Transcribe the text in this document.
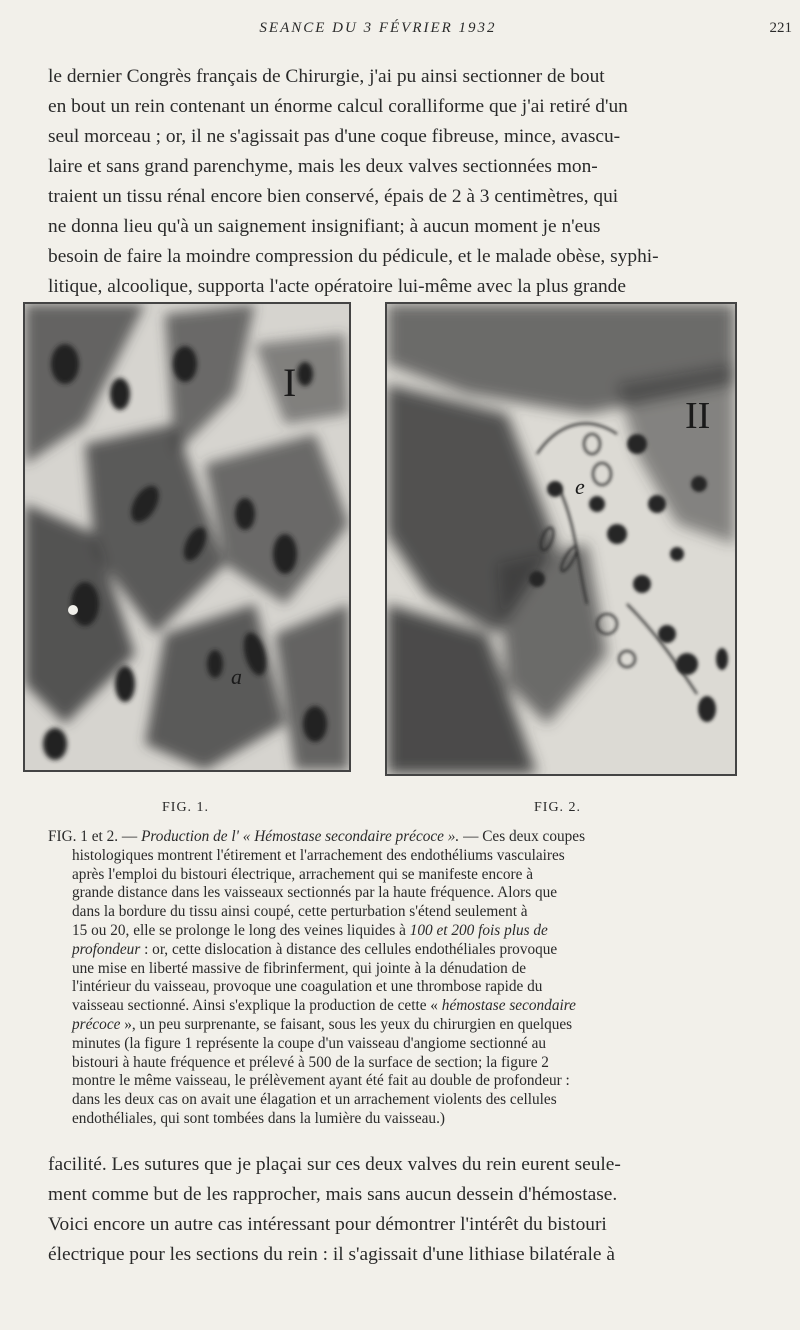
SEANCE DU 3 FÉVRIER 1932	221
le dernier Congrès français de Chirurgie, j'ai pu ainsi sectionner de bout
en bout un rein contenant un énorme calcul coralliforme que j'ai retiré d'un
seul morceau ; or, il ne s'agissait pas d'une coque fibreuse, mince, avascu-
laire et sans grand parenchyme, mais les deux valves sectionnées mon-
traient un tissu rénal encore bien conservé, épais de 2 à 3 centimètres, qui
ne donna lieu qu'à un saignement insignifiant; à aucun moment je n'eus
besoin de faire la moindre compression du pédicule, et le malade obèse, syphi-
litique, alcoolique, supporta l'acte opératoire lui-même avec la plus grande
I
a
II
e
FIG. 1.	FIG. 2.
FIG. 1 et 2. — Production de l' « Hémostase secondaire précoce ». — Ces deux coupes
histologiques montrent l'étirement et l'arrachement des endothéliums vasculaires
après l'emploi du bistouri électrique, arrachement qui se manifeste encore à
grande distance dans les vaisseaux sectionnés par la haute fréquence. Alors que
dans la bordure du tissu ainsi coupé, cette perturbation s'étend seulement à
15 ou 20, elle se prolonge le long des veines liquides à 100 et 200 fois plus de
profondeur : or, cette dislocation à distance des cellules endothéliales provoque
une mise en liberté massive de fibrinferment, qui jointe à la dénudation de
l'intérieur du vaisseau, provoque une coagulation et une thrombose rapide du
vaisseau sectionné. Ainsi s'explique la production de cette « hémostase secondaire
précoce », un peu surprenante, se faisant, sous les yeux du chirurgien en quelques
minutes (la figure 1 représente la coupe d'un vaisseau d'angiome sectionné au
bistouri à haute fréquence et prélevé à 500 de la surface de section; la figure 2
montre le même vaisseau, le prélèvement ayant été fait au double de profondeur :
dans les deux cas on avait une élagation et un arrachement violents des cellules
endothéliales, qui sont tombées dans la lumière du vaisseau.)
facilité. Les sutures que je plaçai sur ces deux valves du rein eurent seule-
ment comme but de les rapprocher, mais sans aucun dessein d'hémostase.
Voici encore un autre cas intéressant pour démontrer l'intérêt du bistouri
électrique pour les sections du rein : il s'agissait d'une lithiase bilatérale à
